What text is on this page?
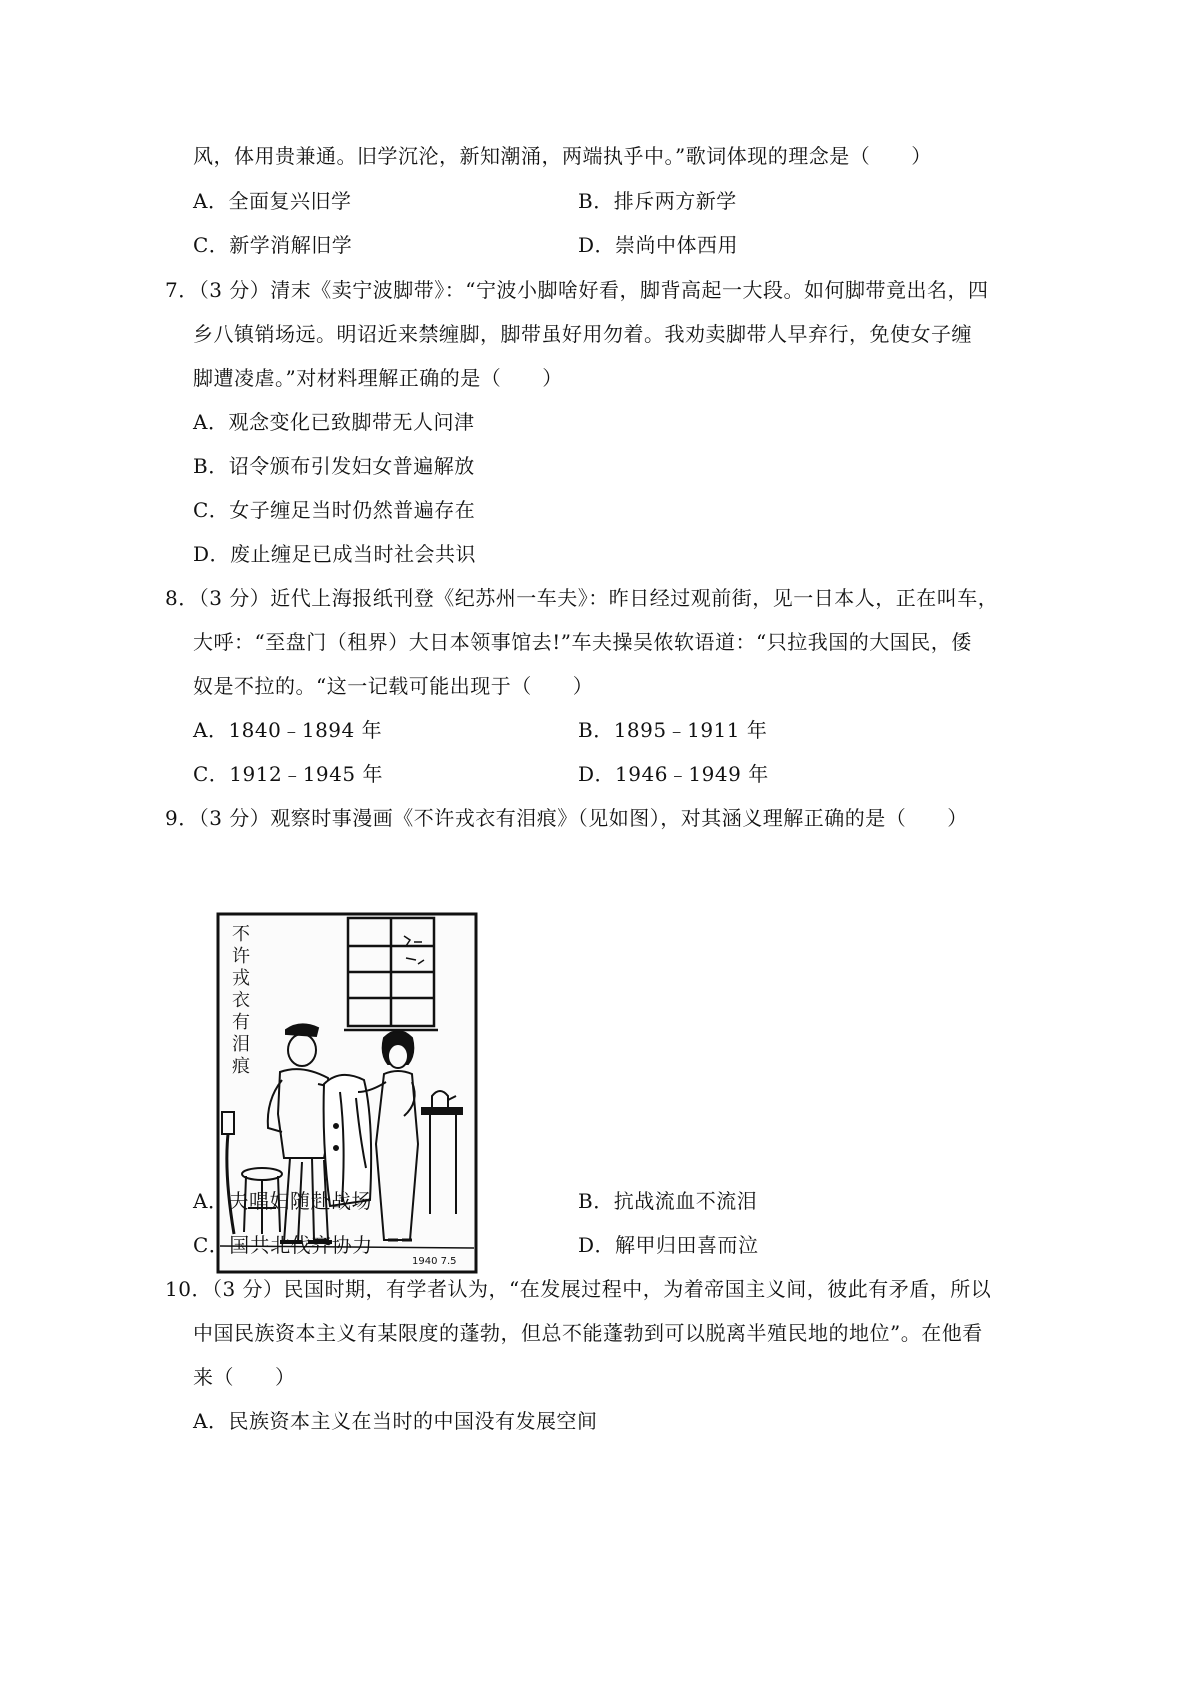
风，体用贵兼通。旧学沉沦，新知潮涌，两端执乎中。”歌词体现的理念是（　　）
A．全面复兴旧学	B．排斥两方新学
C．新学消解旧学	D．崇尚中体西用
7．（3 分）清末《卖宁波脚带》：“宁波小脚啥好看，脚背高起一大段。如何脚带竟出名，四
乡八镇销场远。明诏近来禁缠脚，脚带虽好用勿着。我劝卖脚带人早弃行，免使女子缠
脚遭凌虐。”对材料理解正确的是（　　）
A．观念变化已致脚带无人问津
B．诏令颁布引发妇女普遍解放
C．女子缠足当时仍然普遍存在
D．废止缠足已成当时社会共识
8．（3 分）近代上海报纸刊登《纪苏州一车夫》：昨日经过观前街，见一日本人，正在叫车，
大呼：“至盘门（租界）大日本领事馆去!”车夫操吴侬软语道：“只拉我国的大国民，倭
奴是不拉的。“这一记载可能出现于（　　）
A．1840﹣1894 年	B．1895﹣1911 年
C．1912﹣1945 年	D．1946﹣1949 年
9．（3 分）观察时事漫画《不许戎衣有泪痕》（见如图），对其涵义理解正确的是（　　）
不
许
戎
衣
有
泪
痕
1940 7.5
A．夫唱妇随赴战场	B．抗战流血不流泪
C．国共北伐齐协力	D．解甲归田喜而泣
10．（3 分）民国时期，有学者认为，“在发展过程中，为着帝国主义间，彼此有矛盾，所以
中国民族资本主义有某限度的蓬勃，但总不能蓬勃到可以脱离半殖民地的地位”。在他看
来（　　）
A．民族资本主义在当时的中国没有发展空间
